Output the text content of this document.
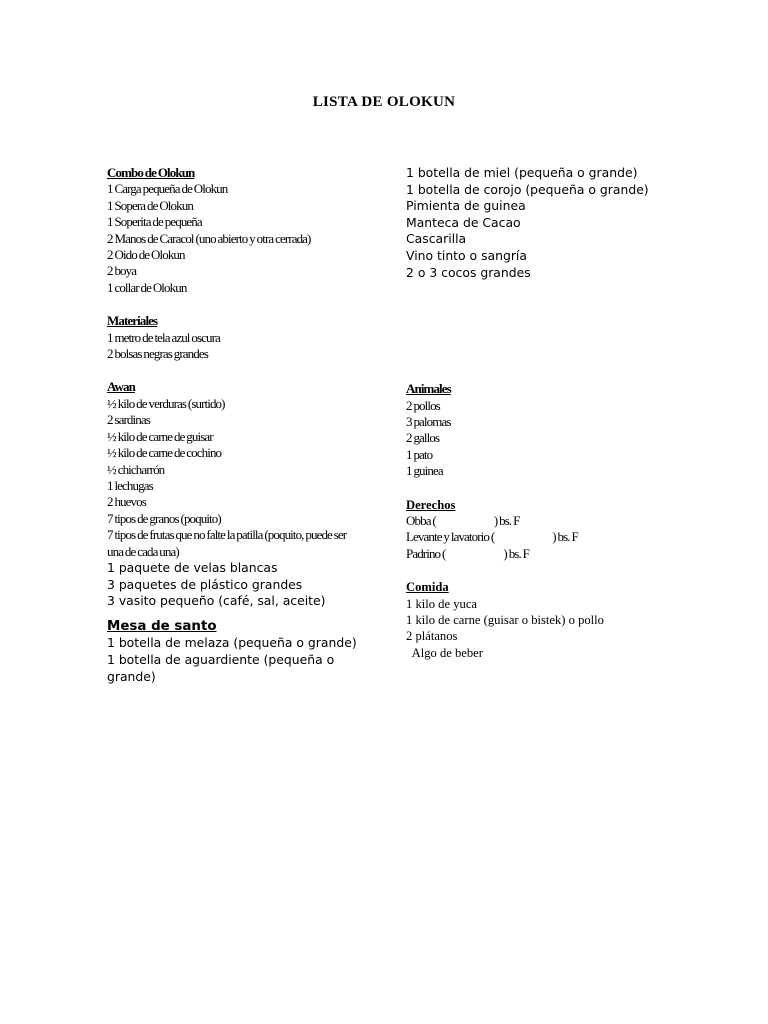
LISTA DE OLOKUN

Combo de Olokun

1 Carga pequeña de Olokun

1 Sopera de Olokun

1 Soperita de pequeña

2 Manos de Caracol (uno abierto y otra cerrada)

2 Oido de Olokun

2 boya

1 collar de Olokun

Materiales

1 metro de tela azul oscura

2 bolsas negras grandes

Awan

½ kilo de verduras (surtido)

2 sardinas

½ kilo de carne de guisar

½ kilo de carne de cochino

½ chicharrón

1 lechugas

2 huevos

7 tipos de granos (poquito)

7 tipos de frutas que no falte la patilla (poquito, puede ser una de cada una)

1 paquete de velas blancas

3 paquetes de plástico grandes

3 vasito pequeño (café, sal, aceite)

Mesa de santo

1 botella de melaza (pequeña o grande)

1 botella de aguardiente (pequeña o grande)

1 botella de miel (pequeña o grande)

1 botella de corojo (pequeña o grande)

Pimienta de guinea

Manteca de Cacao

Cascarilla

Vino tinto o sangría

2 o 3 cocos grandes

Animales

2 pollos

3 palomas

2 gallos

1 pato

1 guinea

Derechos

Obba (	) bs. F

Levante y lavatorio (	) bs. F

Padrino (	) bs. F

Comida

1 kilo de yuca

1 kilo de carne (guisar o bistek) o pollo

2 plátanos

Algo de beber
